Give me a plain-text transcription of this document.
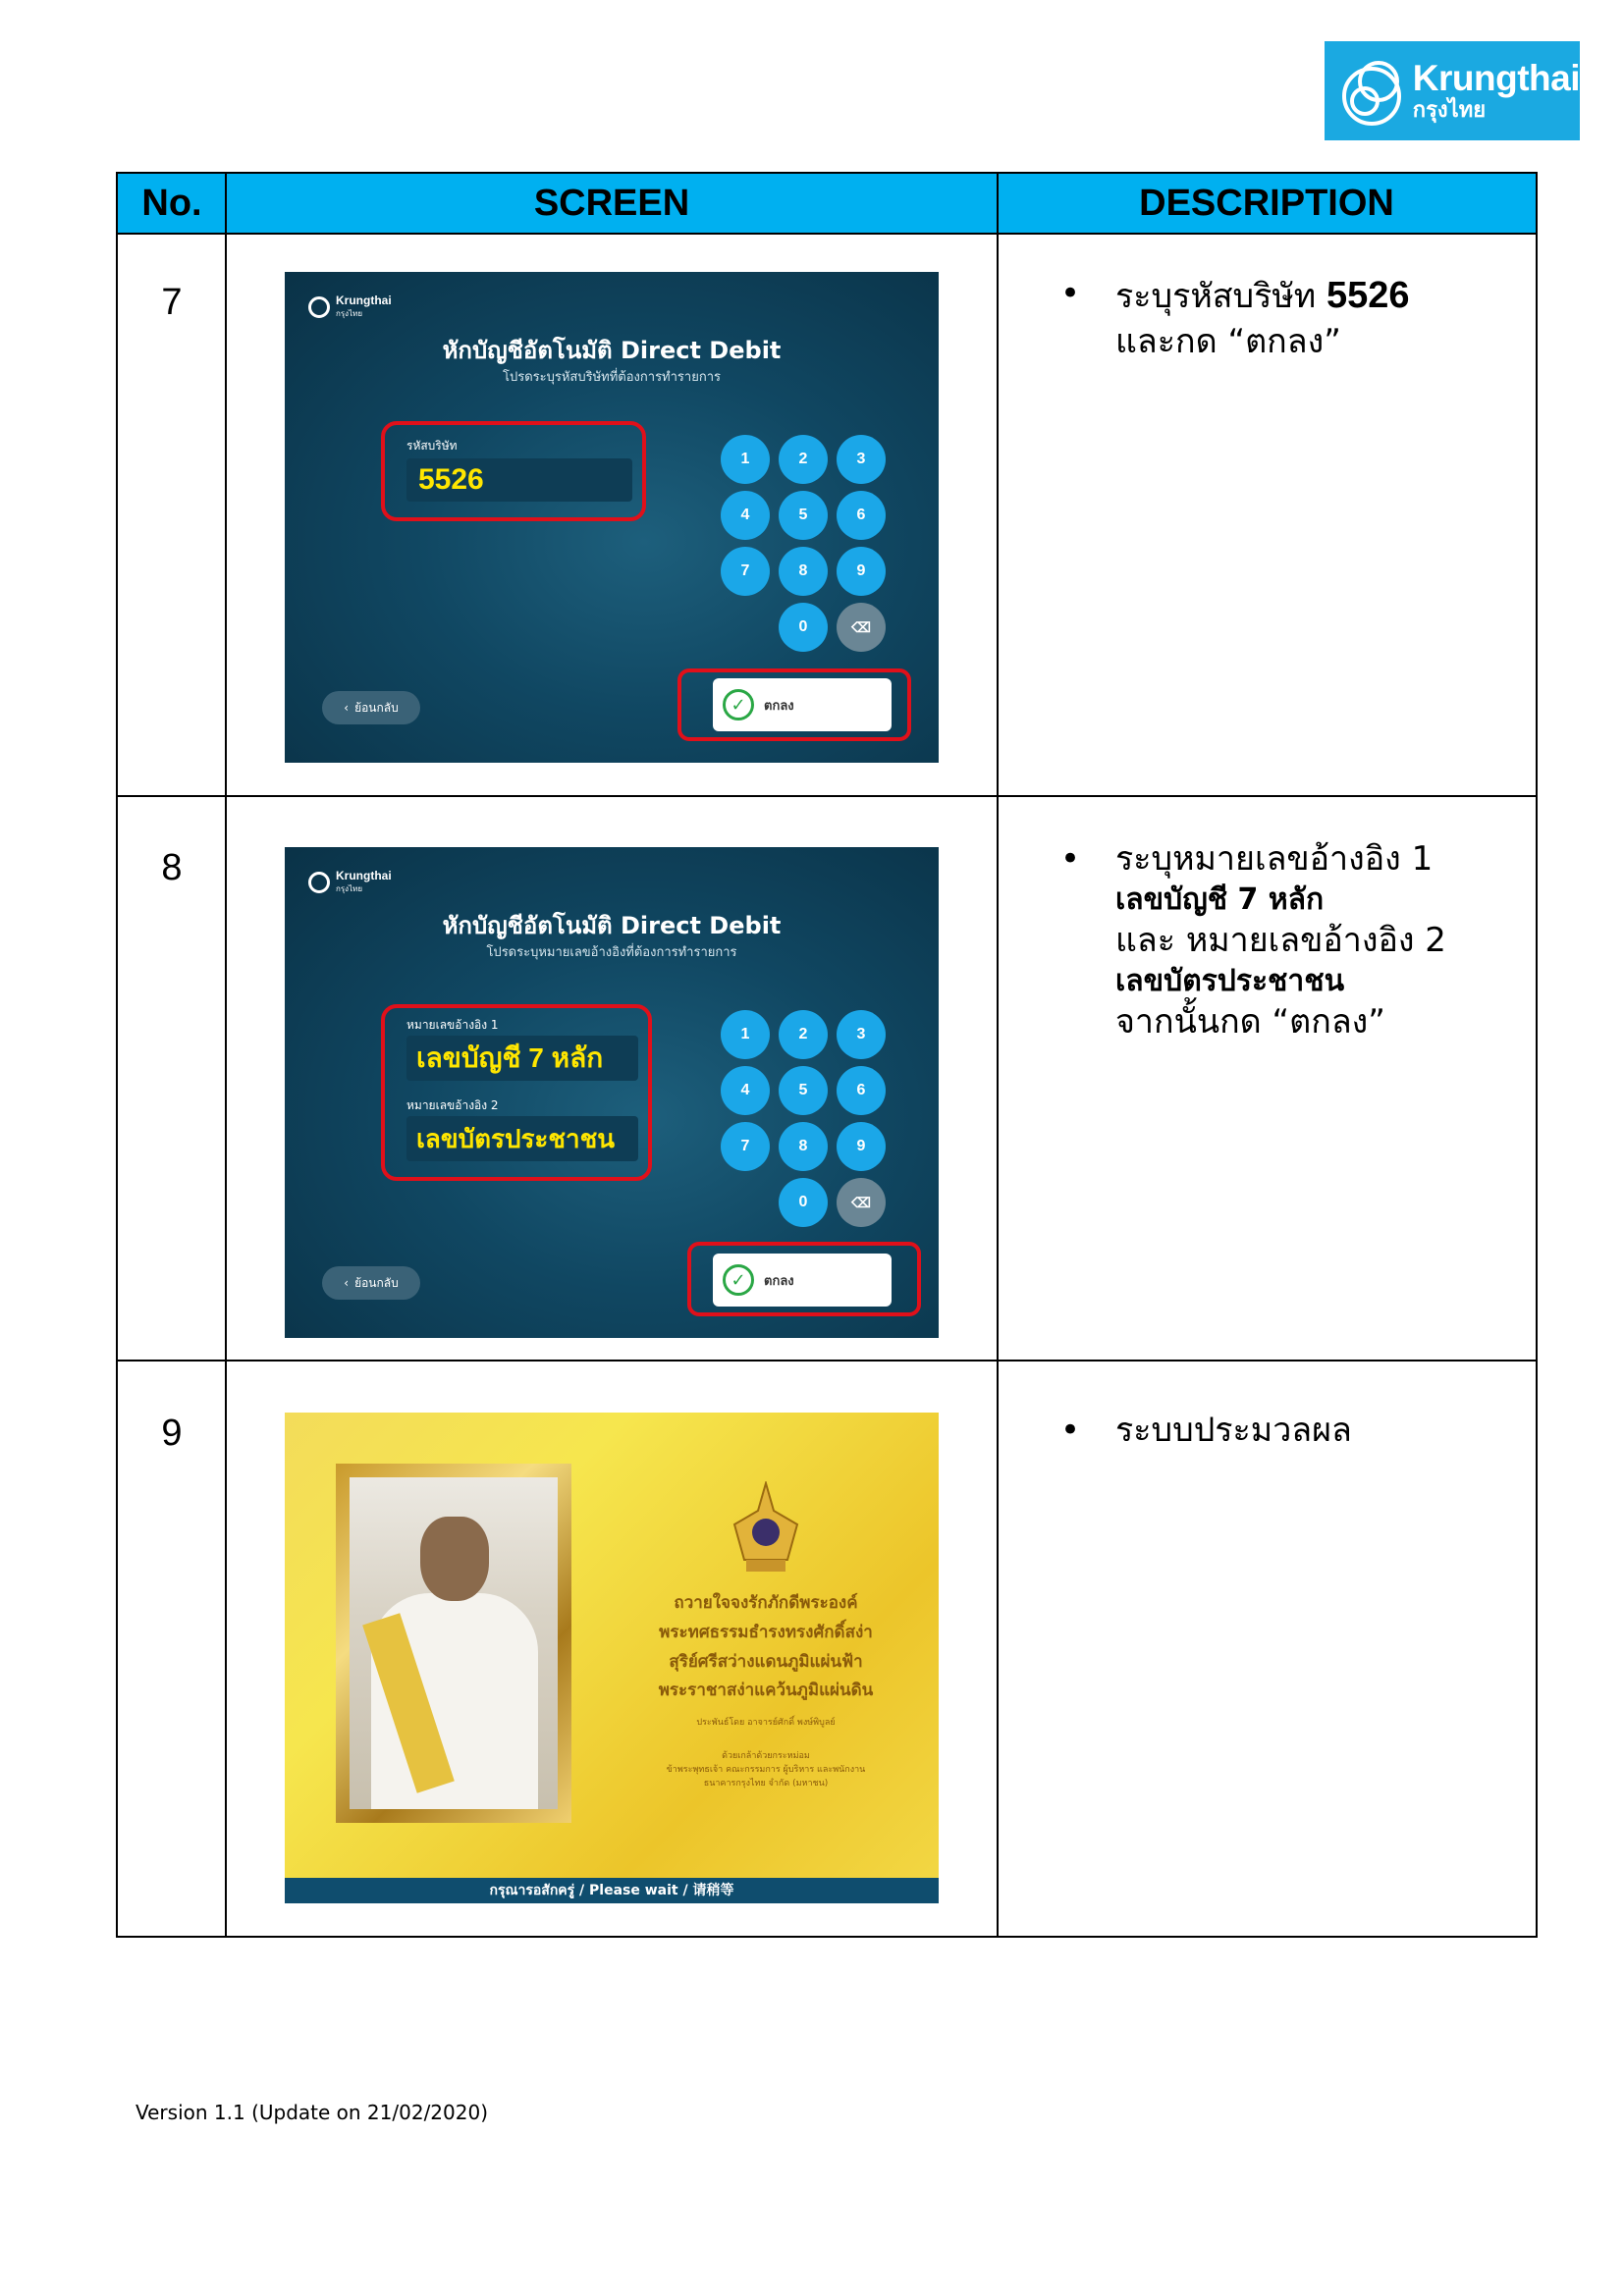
Krungthai
กรุงไทย
No.	SCREEN	DESCRIPTION
7	Krungthai
กรุงไทย
หักบัญชีอัตโนมัติ Direct Debit
โปรดระบุรหัสบริษัทที่ต้องการทำรายการ
รหัสบริษัท
5526
1	2	3
4	5	6
7	8	9
0	⌫
‹ ย้อนกลับ	✓	ตกลง
• ระบุรหัสบริษัท 5526
และกด “ตกลง”
8	Krungthai
กรุงไทย
หักบัญชีอัตโนมัติ Direct Debit
โปรดระบุหมายเลขอ้างอิงที่ต้องการทำรายการ
หมายเลขอ้างอิง 1
เลขบัญชี 7 หลัก
หมายเลขอ้างอิง 2
เลขบัตรประชาชน
1	2	3
4	5	6
7	8	9
0	⌫
‹ ย้อนกลับ	✓	ตกลง
• ระบุหมายเลขอ้างอิง 1
เลขบัญชี 7 หลัก
และ หมายเลขอ้างอิง 2
เลขบัตรประชาชน
จากนั้นกด “ตกลง”
9
ถวายใจจงรักภักดีพระองค์
พระทศธรรมธำรงทรงศักดิ์สง่า
สุริย์ศรีสว่างแดนภูมิแผ่นฟ้า
พระราชาสง่าแคว้นภูมิแผ่นดิน
ประพันธ์โดย อาจารย์ศักดิ์ พงษ์พิบูลย์
ด้วยเกล้าด้วยกระหม่อม
ข้าพระพุทธเจ้า คณะกรรมการ ผู้บริหาร และพนักงาน
ธนาคารกรุงไทย จำกัด (มหาชน)
กรุณารอสักครู่ / Please wait / 请稍等
• ระบบประมวลผล
Version 1.1 (Update on 21/02/2020)
